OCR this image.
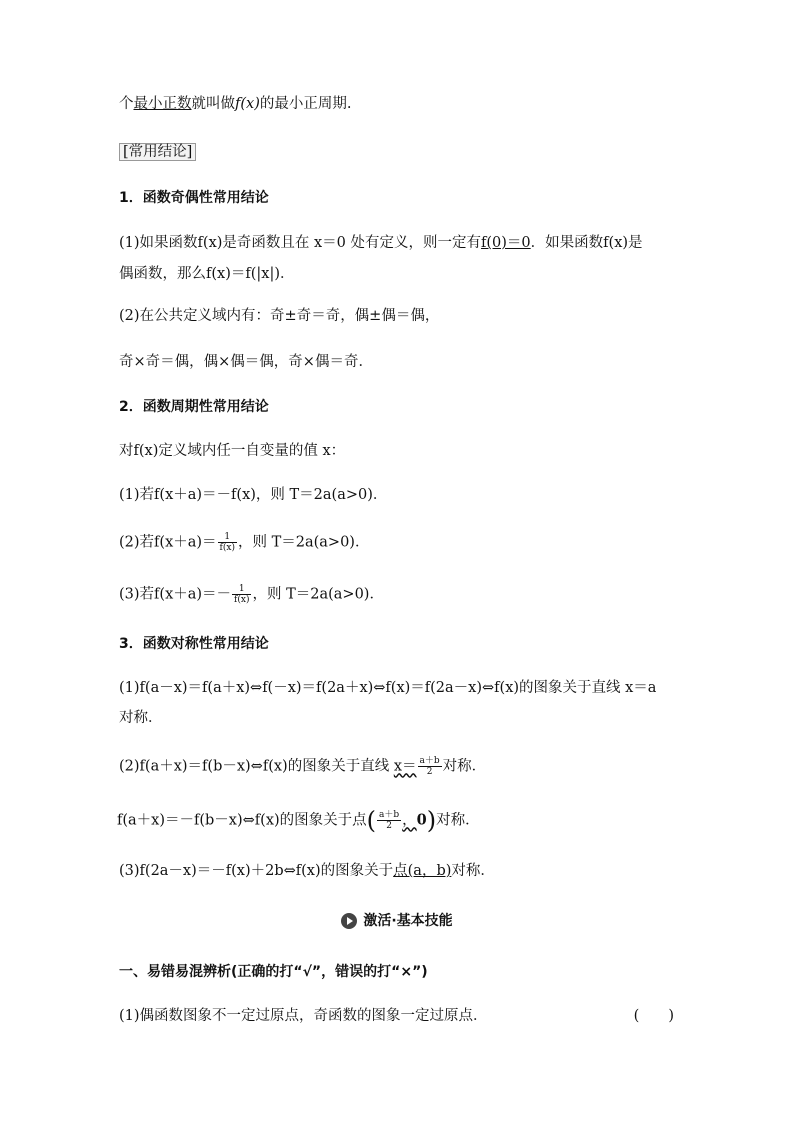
个最小正数就叫做f(x)的最小正周期.
[常用结论]
1．函数奇偶性常用结论
(1)如果函数f(x)是奇函数且在 x＝0 处有定义，则一定有f(0)＝0．如果函数f(x)是
偶函数，那么f(x)＝f(|x|)．
(2)在公共定义域内有：奇±奇＝奇，偶±偶＝偶，
奇×奇＝偶，偶×偶＝偶，奇×偶＝奇．
2．函数周期性常用结论
对f(x)定义域内任一自变量的值 x：
(1)若f(x＋a)＝－f(x)，则 T＝2a(a>0)．
(2)若$f(x+a)= \frac{1}{f(x)}$ ，则 T＝2a(a>0)．
(3)若$f(x+a)=- \frac{1}{f(x)}$ ，则 T＝2a(a>0)．
3．函数对称性常用结论
(1)f(a－x)＝f(a＋x)⇔f(－x)＝f(2a＋x)⇔f(x)＝f(2a－x)⇔f(x)的图象关于直线 x＝a
对称．
(2)f(a＋x)＝f(b－x)⇔f(x)的图象关于直线 $x= \frac{a+b}{2}$ 对称．
f(a＋x)＝－f(b－x)⇔f(x)的图象关于点( $\frac{a+b}{2}$ ，0)对称．
(3)f(2a－x)＝－f(x)＋2b⇔f(x)的图象关于点(a，b)对称．
激活·基本技能
一、易错易混辨析(正确的打“√”，错误的打“×”)
(1)偶函数图象不一定过原点，奇函数的图象一定过原点．	(　　)
